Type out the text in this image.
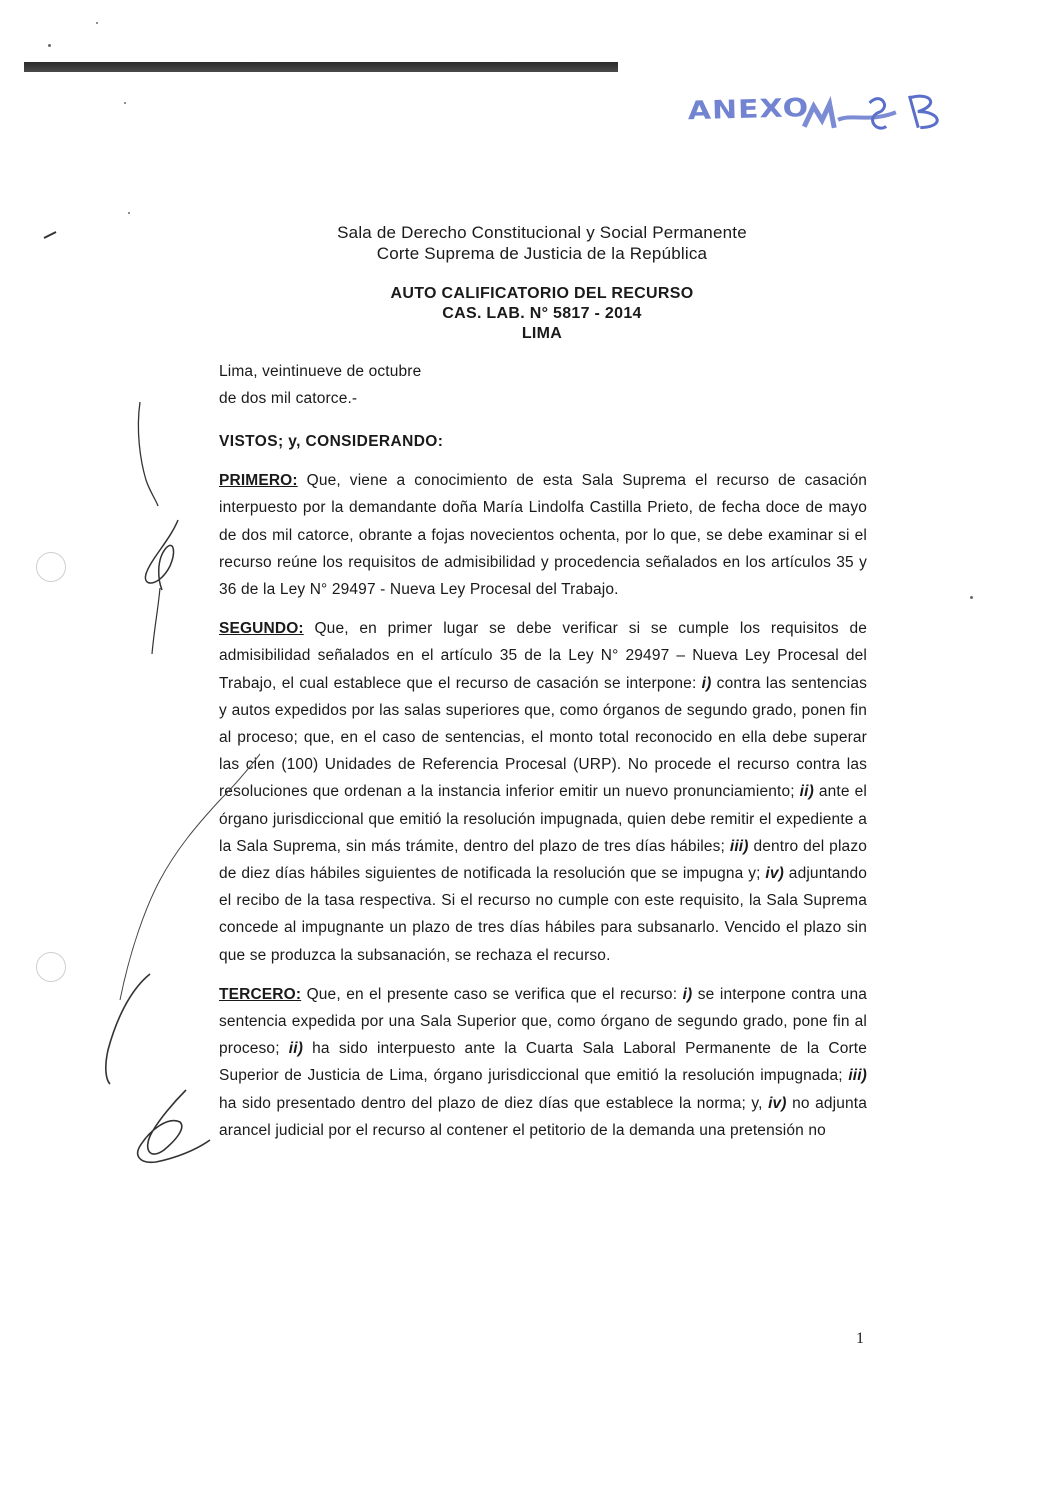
ANEXO
Sala de Derecho Constitucional y Social Permanente
Corte Suprema de Justicia de la República
AUTO CALIFICATORIO DEL RECURSO
CAS. LAB. N° 5817 - 2014
LIMA
Lima, veintinueve de octubre
de dos mil catorce.-
VISTOS; y, CONSIDERANDO:
PRIMERO: Que, viene a conocimiento de esta Sala Suprema el recurso de casación interpuesto por la demandante doña María Lindolfa Castilla Prieto, de fecha doce de mayo de dos mil catorce, obrante a fojas novecientos ochenta, por lo que, se debe examinar si el recurso reúne los requisitos de admisibilidad y procedencia señalados en los artículos 35 y 36 de la Ley N° 29497 - Nueva Ley Procesal del Trabajo.
SEGUNDO: Que, en primer lugar se debe verificar si se cumple los requisitos de admisibilidad señalados en el artículo 35 de la Ley N° 29497 – Nueva Ley Procesal del Trabajo, el cual establece que el recurso de casación se interpone: i) contra las sentencias y autos expedidos por las salas superiores que, como órganos de segundo grado, ponen fin al proceso; que, en el caso de sentencias, el monto total reconocido en ella debe superar las cien (100) Unidades de Referencia Procesal (URP). No procede el recurso contra las resoluciones que ordenan a la instancia inferior emitir un nuevo pronunciamiento; ii) ante el órgano jurisdiccional que emitió la resolución impugnada, quien debe remitir el expediente a la Sala Suprema, sin más trámite, dentro del plazo de tres días hábiles; iii) dentro del plazo de diez días hábiles siguientes de notificada la resolución que se impugna y; iv) adjuntando el recibo de la tasa respectiva. Si el recurso no cumple con este requisito, la Sala Suprema concede al impugnante un plazo de tres días hábiles para subsanarlo. Vencido el plazo sin que se produzca la subsanación, se rechaza el recurso.
TERCERO: Que, en el presente caso se verifica que el recurso: i) se interpone contra una sentencia expedida por una Sala Superior que, como órgano de segundo grado, pone fin al proceso; ii) ha sido interpuesto ante la Cuarta Sala Laboral Permanente de la Corte Superior de Justicia de Lima, órgano jurisdiccional que emitió la resolución impugnada; iii) ha sido presentado dentro del plazo de diez días que establece la norma; y, iv) no adjunta arancel judicial por el recurso al contener el petitorio de la demanda una pretensión no
1
